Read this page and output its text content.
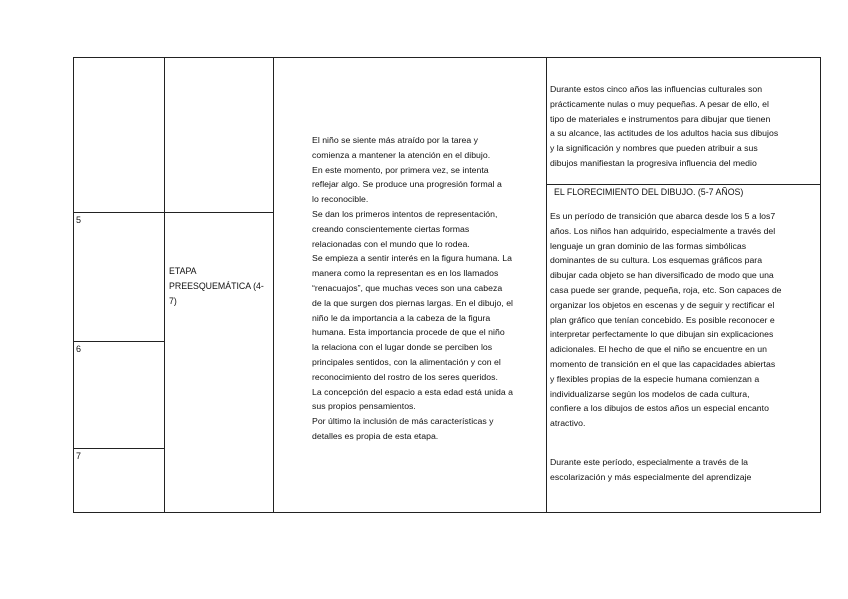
5
6
7
ETAPA
PREESQUEMÁTICA (4-
7)

El niño se siente más atraído por la tarea y

comienza a mantener la atención en el dibujo.

En este momento, por primera vez, se intenta

reflejar algo. Se produce una progresión formal a

lo reconocible.

Se dan los primeros intentos de representación,

creando conscientemente ciertas formas

relacionadas con el mundo que lo rodea.

Se empieza a sentir interés en la figura humana. La

manera como la representan es en los llamados

“renacuajos”, que muchas veces son una cabeza

de la que surgen dos piernas largas. En el dibujo, el

niño le da importancia a la cabeza de la figura

humana. Esta importancia procede de que el niño

la relaciona con el lugar donde se perciben los

principales sentidos, con la alimentación y con el

reconocimiento del rostro de los seres queridos.

La concepción del espacio a esta edad está unida a

sus propios pensamientos.

Por último la inclusión de más características y

detalles es propia de esta etapa.

Durante estos cinco años las influencias culturales son

prácticamente nulas o muy pequeñas. A pesar de ello, el

tipo de materiales e instrumentos para dibujar que tienen

a su alcance, las actitudes de los adultos hacia sus dibujos

y la significación y nombres que pueden atribuir a sus

dibujos manifiestan la progresiva influencia del medio

EL FLORECIMIENTO DEL DIBUJO. (5-7 AÑOS)

Es un período de transición que abarca desde los 5 a los7

años. Los niños han adquirido, especialmente a través del

lenguaje un gran dominio de las formas simbólicas

dominantes de su cultura. Los esquemas gráficos para

dibujar cada objeto se han diversificado de modo que una

casa puede ser grande, pequeña, roja, etc. Son capaces de

organizar los objetos en escenas y de seguir y rectificar el

plan gráfico que tenían concebido. Es posible reconocer e

interpretar perfectamente lo que dibujan sin explicaciones

adicionales. El hecho de que el niño se encuentre en un

momento de transición en el que las capacidades abiertas

y flexibles propias de la especie humana comienzan a

individualizarse según los modelos de cada cultura,

confiere a los dibujos de estos años un especial encanto

atractivo.

Durante este período, especialmente a través de la

escolarización y más especialmente del aprendizaje
